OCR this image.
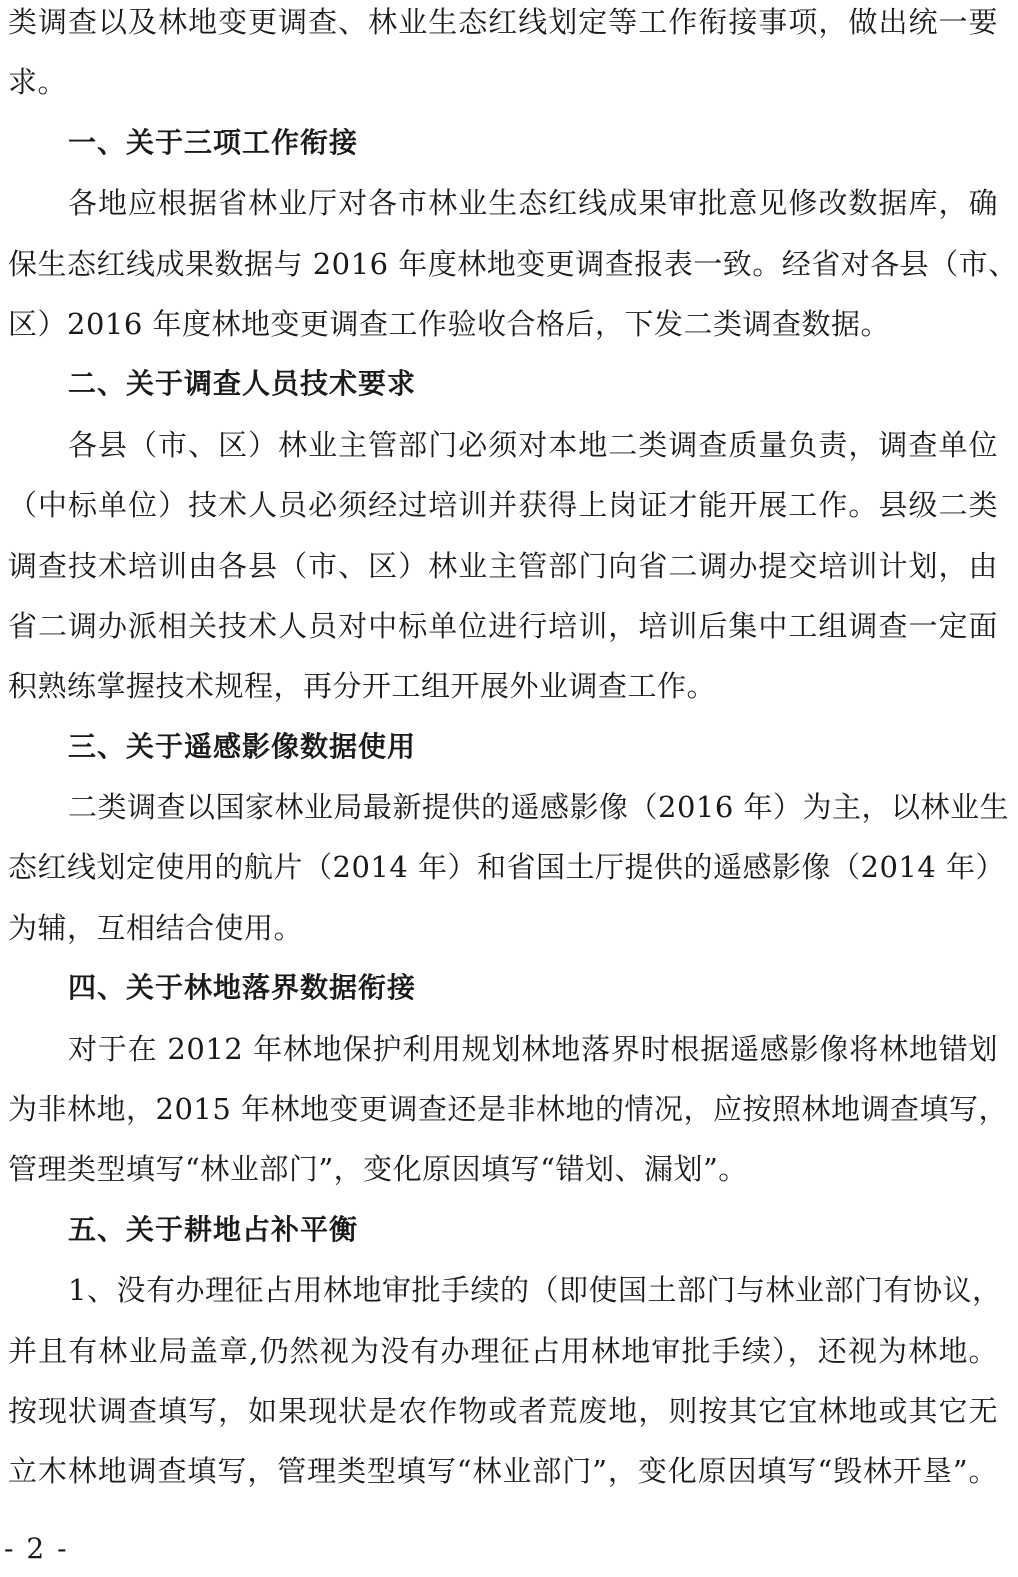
类调查以及林地变更调查、林业生态红线划定等工作衔接事项，做出统一要
求。
一、关于三项工作衔接
各地应根据省林业厅对各市林业生态红线成果审批意见修改数据库，确
保生态红线成果数据与 2016 年度林地变更调查报表一致。经省对各县（市、
区）2016 年度林地变更调查工作验收合格后，下发二类调查数据。
二、关于调查人员技术要求
各县（市、区）林业主管部门必须对本地二类调查质量负责，调查单位
（中标单位）技术人员必须经过培训并获得上岗证才能开展工作。县级二类
调查技术培训由各县（市、区）林业主管部门向省二调办提交培训计划，由
省二调办派相关技术人员对中标单位进行培训，培训后集中工组调查一定面
积熟练掌握技术规程，再分开工组开展外业调查工作。
三、关于遥感影像数据使用
二类调查以国家林业局最新提供的遥感影像（2016 年）为主，以林业生
态红线划定使用的航片（2014 年）和省国土厅提供的遥感影像（2014 年）
为辅，互相结合使用。
四、关于林地落界数据衔接
对于在 2012 年林地保护利用规划林地落界时根据遥感影像将林地错划
为非林地，2015 年林地变更调查还是非林地的情况，应按照林地调查填写，
管理类型填写“林业部门”，变化原因填写“错划、漏划”。
五、关于耕地占补平衡
1、没有办理征占用林地审批手续的（即使国土部门与林业部门有协议，
并且有林业局盖章,仍然视为没有办理征占用林地审批手续），还视为林地。
按现状调查填写，如果现状是农作物或者荒废地，则按其它宜林地或其它无
立木林地调查填写，管理类型填写“林业部门”，变化原因填写“毁林开垦”。
- 2 -
